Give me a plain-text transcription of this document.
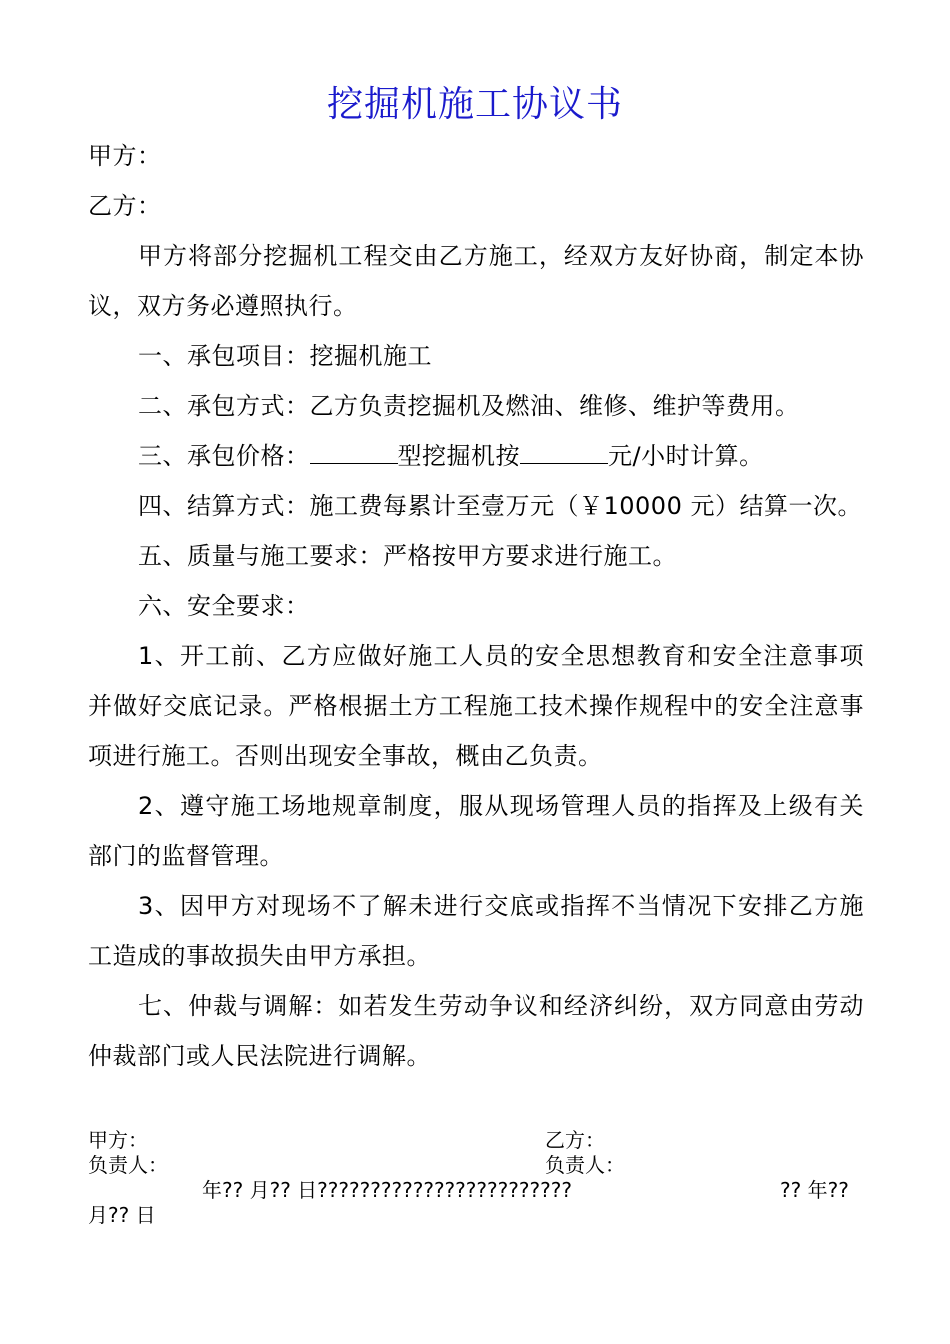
挖掘机施工协议书
甲方：
乙方：
甲方将部分挖掘机工程交由乙方施工，经双方友好协商，制定本协议，双方务必遵照执行。
一、承包项目：挖掘机施工
二、承包方式：乙方负责挖掘机及燃油、维修、维护等费用。
三、承包价格：	型挖掘机按	元/小时计算。
四、结算方式：施工费每累计至壹万元（￥10000 元）结算一次。
五、质量与施工要求：严格按甲方要求进行施工。
六、安全要求：
1、开工前、乙方应做好施工人员的安全思想教育和安全注意事项并做好交底记录。严格根据土方工程施工技术操作规程中的安全注意事项进行施工。否则出现安全事故，概由乙负责。
2、遵守施工场地规章制度，服从现场管理人员的指挥及上级有关部门的监督管理。
3、因甲方对现场不了解未进行交底或指挥不当情况下安排乙方施工造成的事故损失由甲方承担。
七、仲裁与调解：如若发生劳动争议和经济纠纷，双方同意由劳动仲裁部门或人民法院进行调解。
甲方：	乙方：
负责人：	负责人：
年?? 月?? 日????????????????????????	?? 年??
月?? 日
